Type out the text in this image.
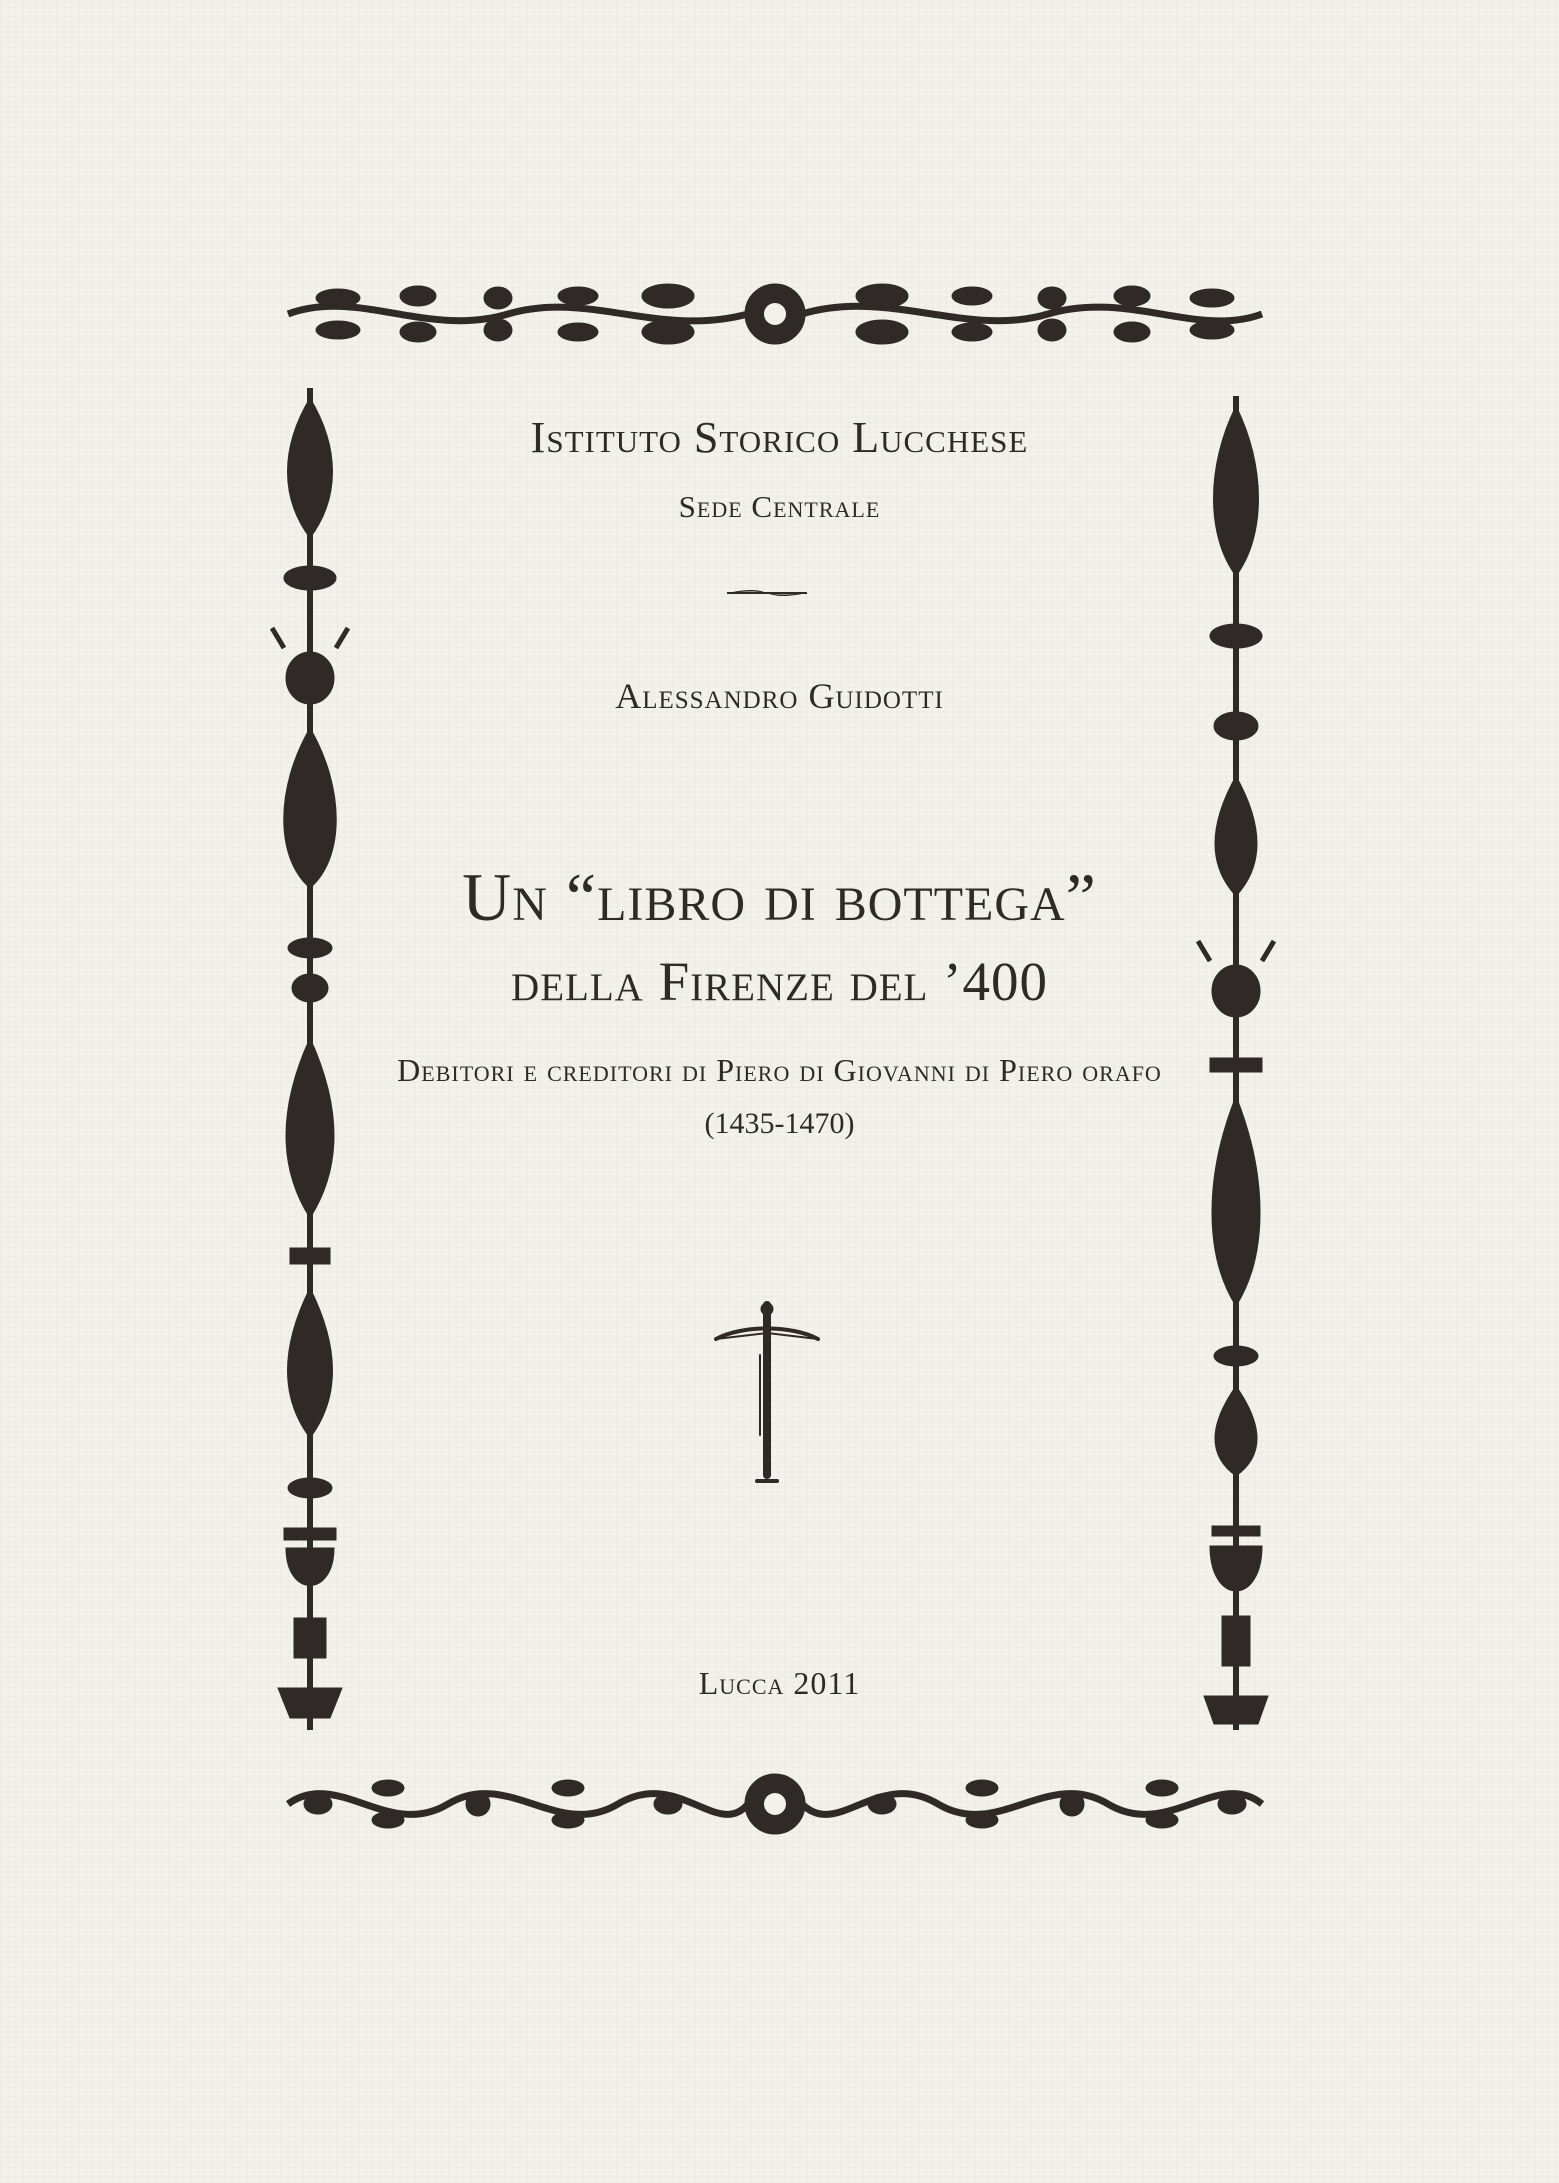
Istituto Storico Lucchese
Sede Centrale
Alessandro Guidotti
Un “libro di bottega”
della Firenze del ’400
Debitori e creditori di Piero di Giovanni di Piero orafo
(1435-1470)
Lucca 2011
